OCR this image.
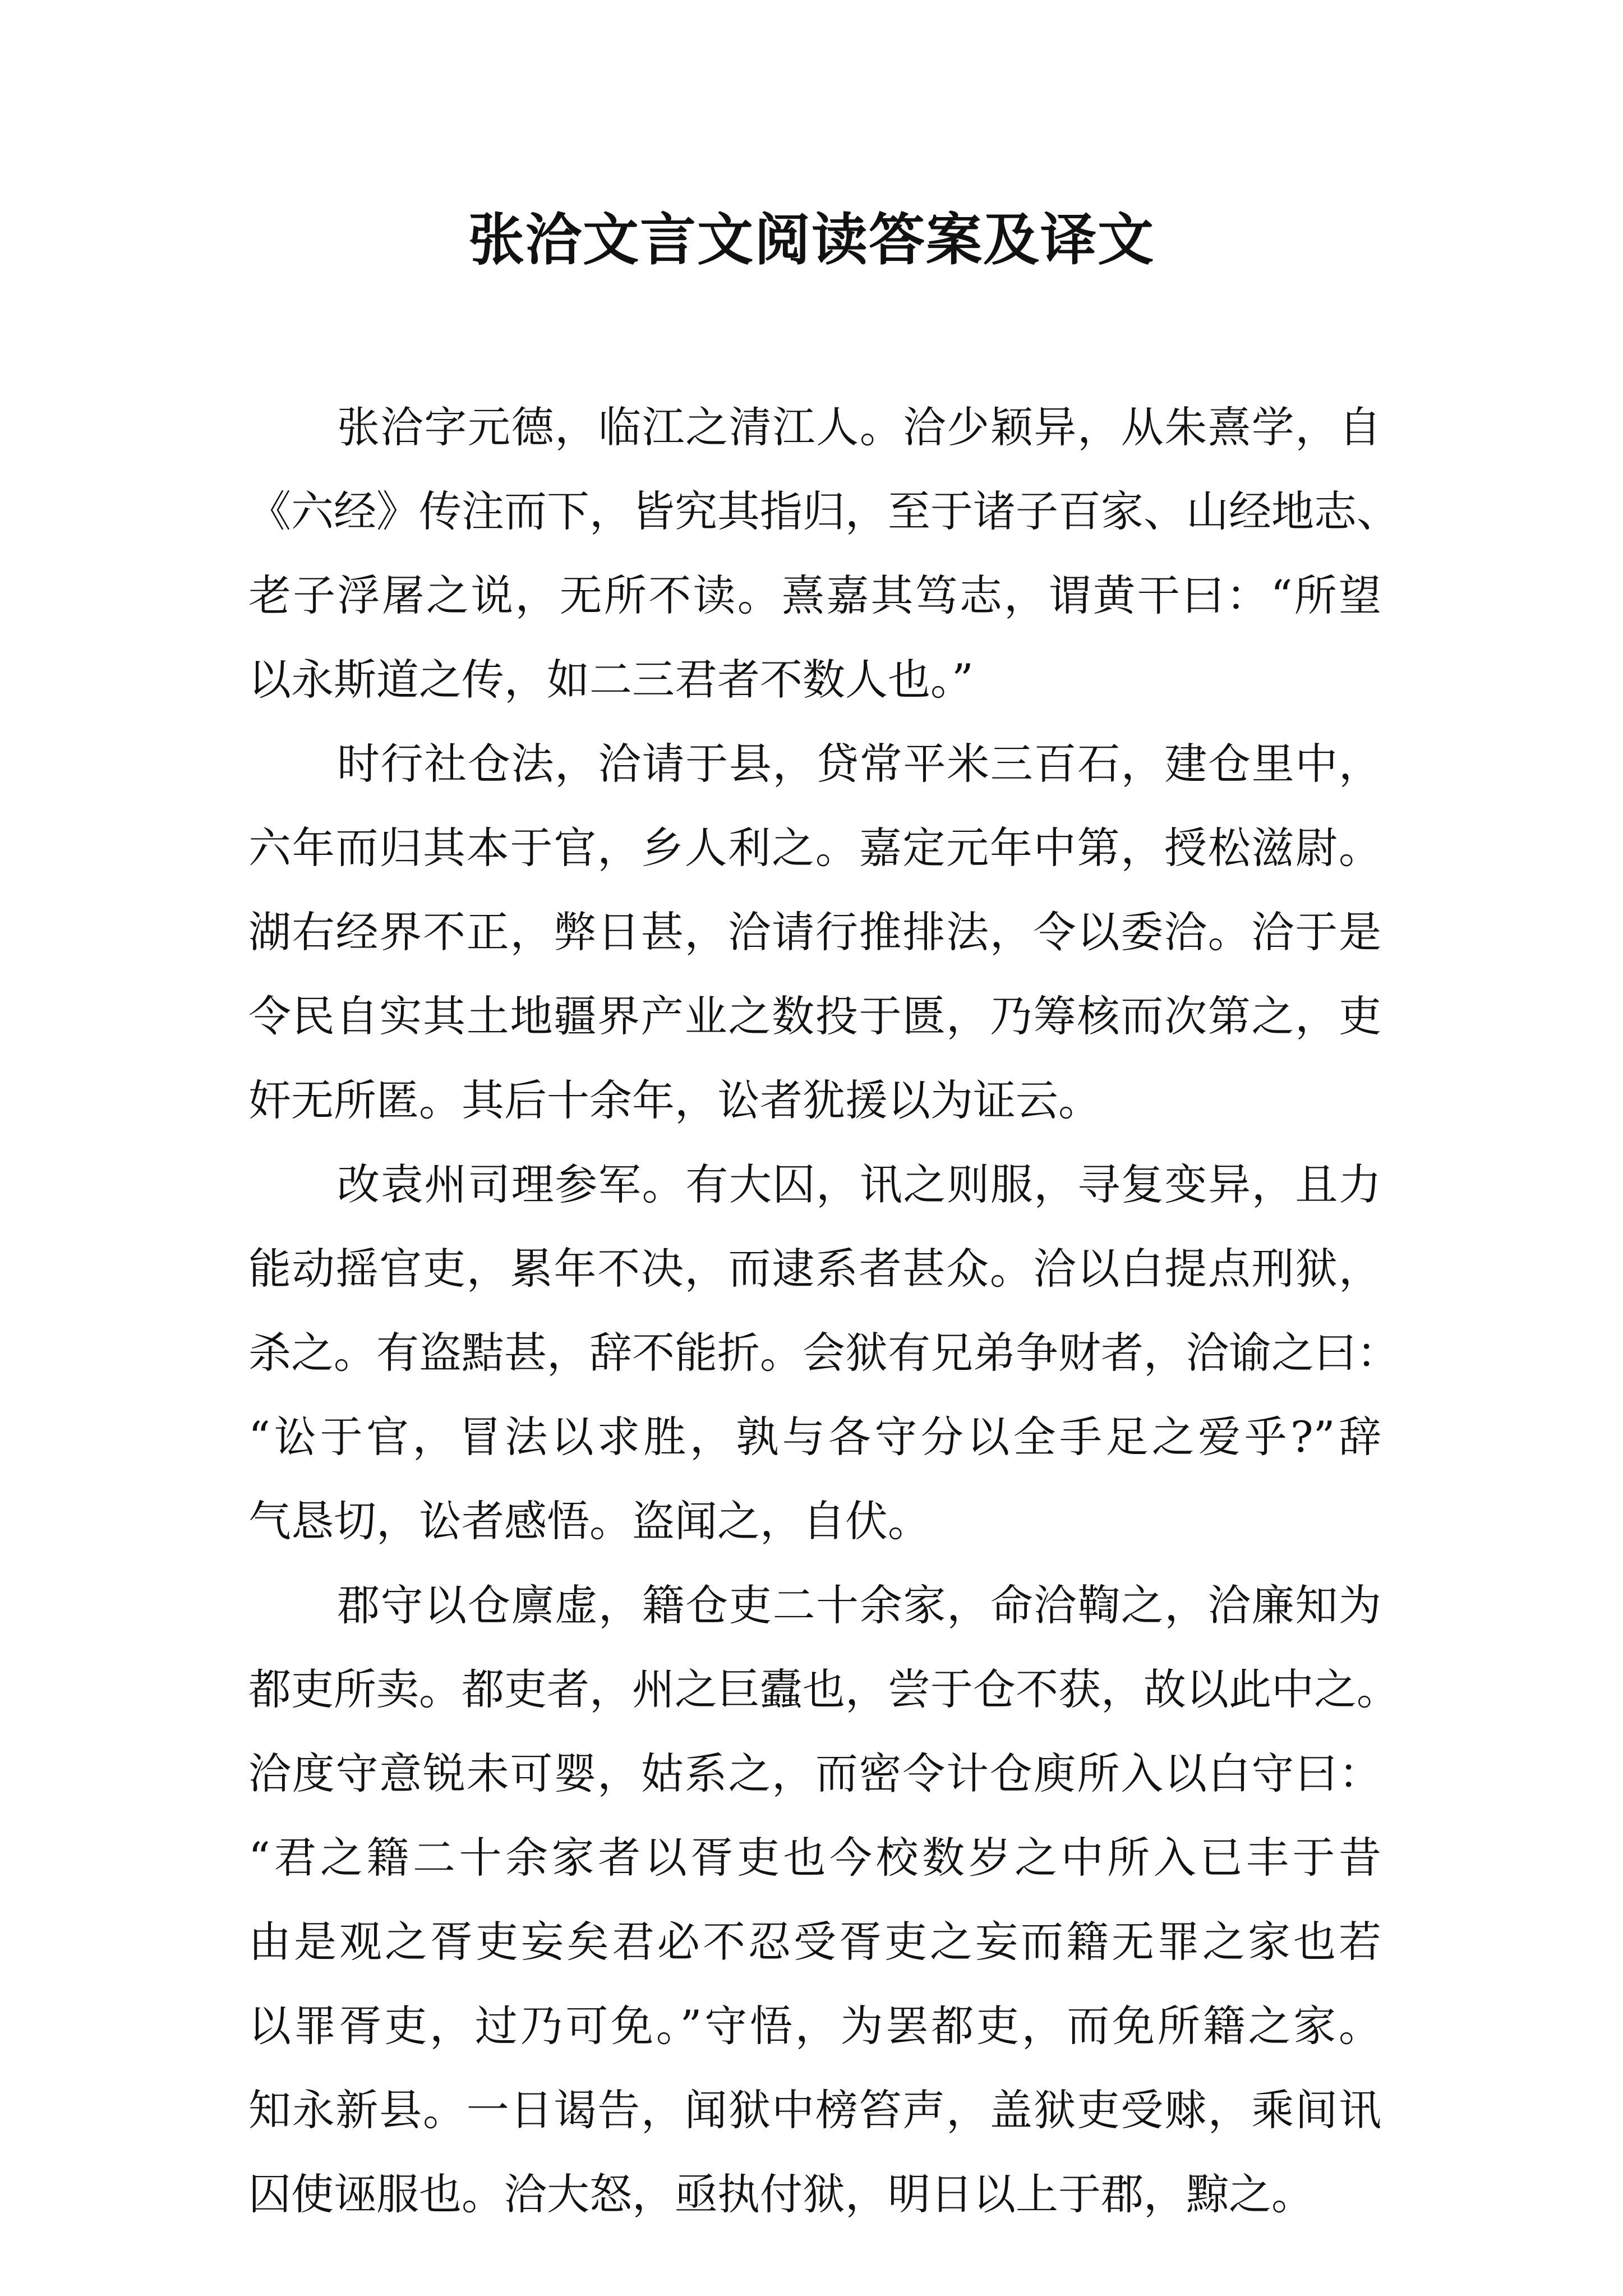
张洽文言文阅读答案及译文
张洽字元德，临江之清江人。洽少颖异，从朱熹学，自
《六经》传注而下，皆究其指归，至于诸子百家、山经地志、
老子浮屠之说，无所不读。熹嘉其笃志，谓黄干曰：“所望
以永斯道之传，如二三君者不数人也。”
时行社仓法，洽请于县，贷常平米三百石，建仓里中，
六年而归其本于官，乡人利之。嘉定元年中第，授松滋尉。
湖右经界不正，弊日甚，洽请行推排法，令以委洽。洽于是
令民自实其土地疆界产业之数投于匮，乃筹核而次第之，吏
奸无所匿。其后十余年，讼者犹援以为证云。
改袁州司理参军。有大囚，讯之则服，寻复变异，且力
能动摇官吏，累年不决，而逮系者甚众。洽以白提点刑狱，
杀之。有盗黠甚，辞不能折。会狱有兄弟争财者，洽谕之曰：
“讼于官，冒法以求胜，孰与各守分以全手足之爱乎?”辞
气恳切，讼者感悟。盗闻之，自伏。
郡守以仓廪虚，籍仓吏二十余家，命洽鞫之，洽廉知为
都吏所卖。都吏者，州之巨蠹也，尝于仓不获，故以此中之。
洽度守意锐未可婴，姑系之，而密令计仓庾所入以白守曰：
“君之籍二十余家者以胥吏也今校数岁之中所入已丰于昔
由是观之胥吏妄矣君必不忍受胥吏之妄而籍无罪之家也若
以罪胥吏，过乃可免。”守悟，为罢都吏，而免所籍之家。
知永新县。一日谒告，闻狱中榜笞声，盖狱吏受赇，乘间讯
囚使诬服也。洽大怒，亟执付狱，明日以上于郡，黥之。
